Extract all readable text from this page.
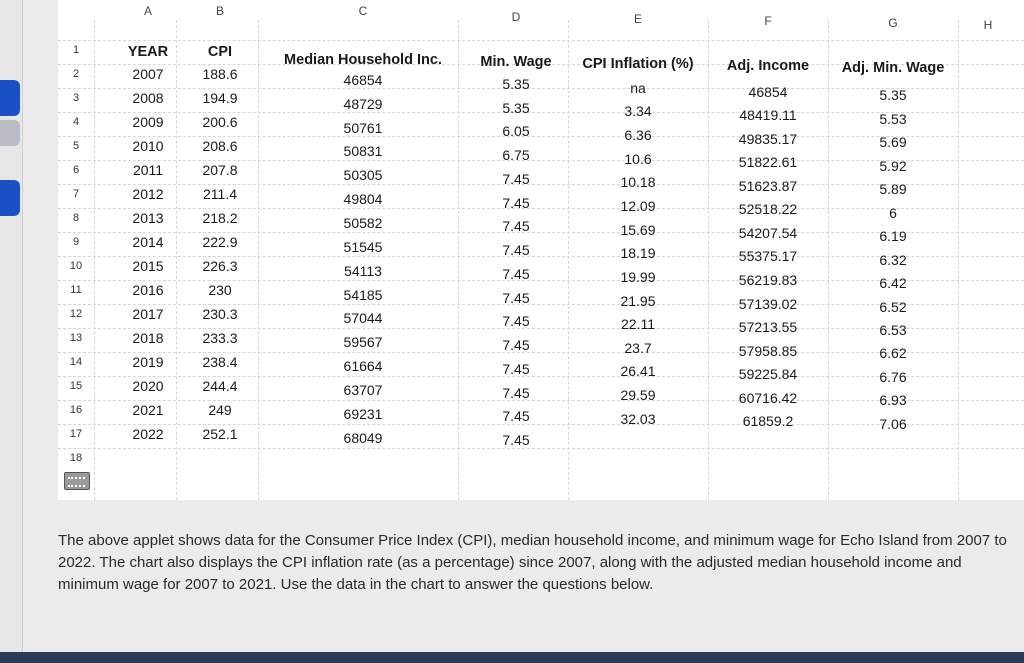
A	B	C	D	E	F	G	H
1
2
3
4
5
6
7
8
9
10
11
12
13
14
15
16
17
18
YEAR	CPI	Median Household Inc.	Min. Wage	CPI Inflation (%)	Adj. Income	Adj. Min. Wage
2007	188.6	46854	5.35	na	46854	5.35
2008	194.9	48729	5.35	3.34	48419.11	5.53
2009	200.6	50761	6.05	6.36	49835.17	5.69
2010	208.6	50831	6.75	10.6	51822.61	5.92
2011	207.8	50305	7.45	10.18	51623.87	5.89
2012	211.4	49804	7.45	12.09	52518.22	6
2013	218.2	50582	7.45	15.69	54207.54	6.19
2014	222.9	51545	7.45	18.19	55375.17	6.32
2015	226.3	54113	7.45	19.99	56219.83	6.42
2016	230	54185	7.45	21.95	57139.02	6.52
2017	230.3	57044	7.45	22.11	57213.55	6.53
2018	233.3	59567	7.45	23.7	57958.85	6.62
2019	238.4	61664	7.45	26.41	59225.84	6.76
2020	244.4	63707	7.45	29.59	60716.42	6.93
2021	249	69231	7.45	32.03	61859.2	7.06
2022	252.1	68049	7.45
The above applet shows data for the Consumer Price Index (CPI), median household income, and minimum wage for Echo Island from 2007 to 2022. The chart also displays the CPI inflation rate (as a percentage) since 2007, along with the adjusted median household income and minimum wage for 2007 to 2021. Use the data in the chart to answer the questions below.
